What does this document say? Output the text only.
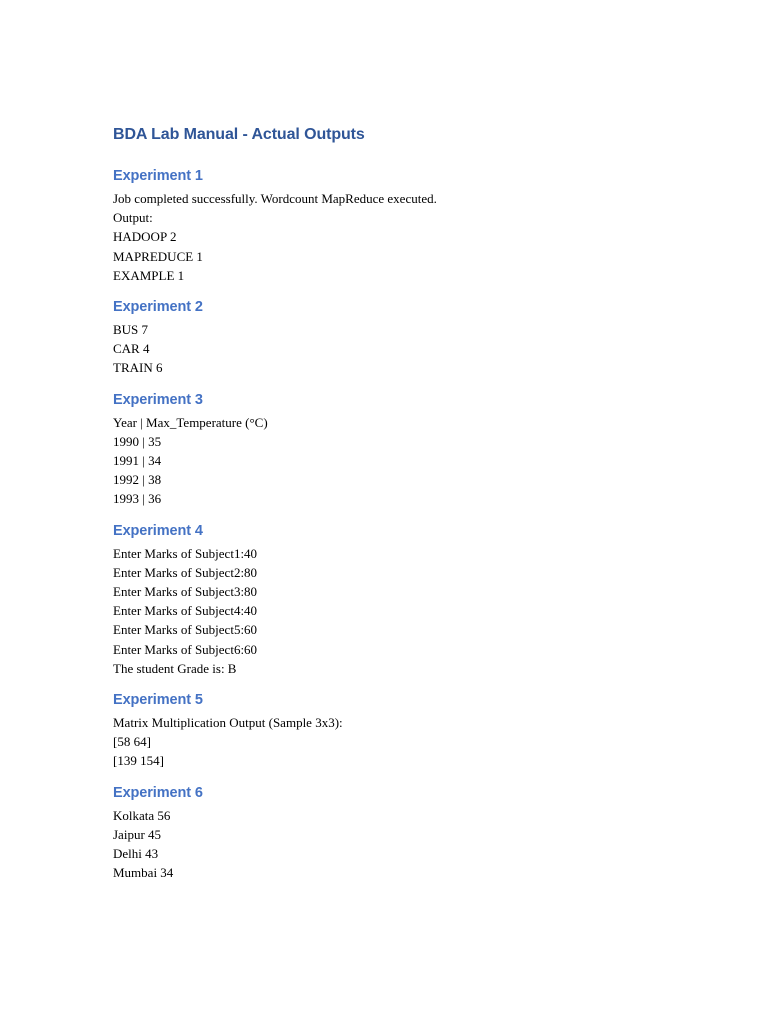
BDA Lab Manual - Actual Outputs
Experiment 1
Job completed successfully. Wordcount MapReduce executed.
Output:
HADOOP 2
MAPREDUCE 1
EXAMPLE 1
Experiment 2
BUS 7
CAR 4
TRAIN 6
Experiment 3
Year | Max_Temperature (°C)
1990 | 35
1991 | 34
1992 | 38
1993 | 36
Experiment 4
Enter Marks of Subject1:40
Enter Marks of Subject2:80
Enter Marks of Subject3:80
Enter Marks of Subject4:40
Enter Marks of Subject5:60
Enter Marks of Subject6:60
The student Grade is: B
Experiment 5
Matrix Multiplication Output (Sample 3x3):
[58 64]
[139 154]
Experiment 6
Kolkata 56
Jaipur 45
Delhi 43
Mumbai 34
